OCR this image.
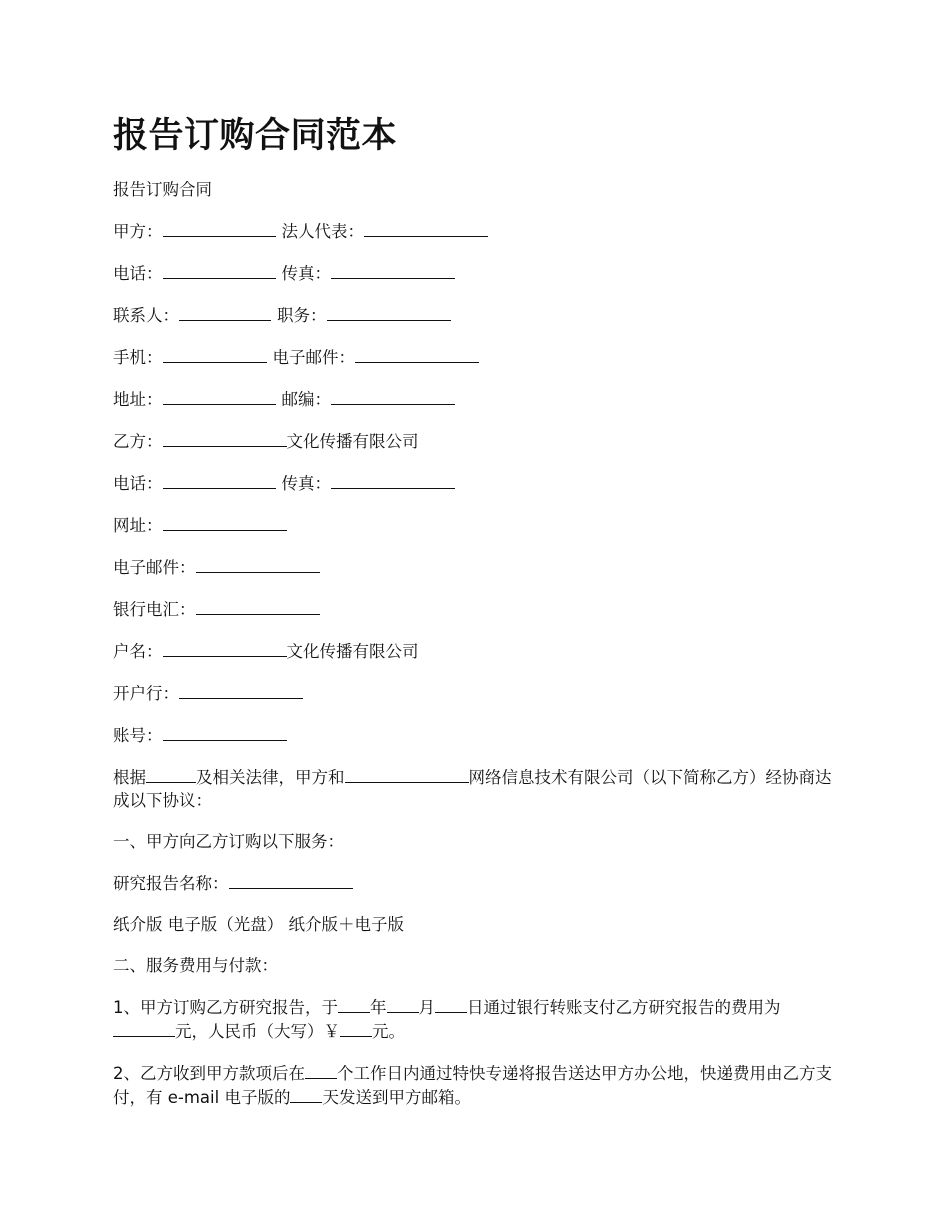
报告订购合同范本
报告订购合同
甲方：	法人代表：
电话：	传真：
联系人：	职务：
手机：	电子邮件：
地址：	邮编：
乙方：	文化传播有限公司
电话：	传真：
网址：
电子邮件：
银行电汇：
户名：	文化传播有限公司
开户行：
账号：
根据	及相关法律，甲方和	网络信息技术有限公司（以下简称乙方）经协商达成以下协议：
一、甲方向乙方订购以下服务：
研究报告名称：
纸介版 电子版（光盘） 纸介版＋电子版
二、服务费用与付款：
1、甲方订购乙方研究报告，于 年 月 日通过银行转账支付乙方研究报告的费用为元，人民币（大写）￥ 元。
2、乙方收到甲方款项后在 个工作日内通过特快专递将报告送达甲方办公地，快递费用由乙方支付，有 e-mail 电子版的 天发送到甲方邮箱。
